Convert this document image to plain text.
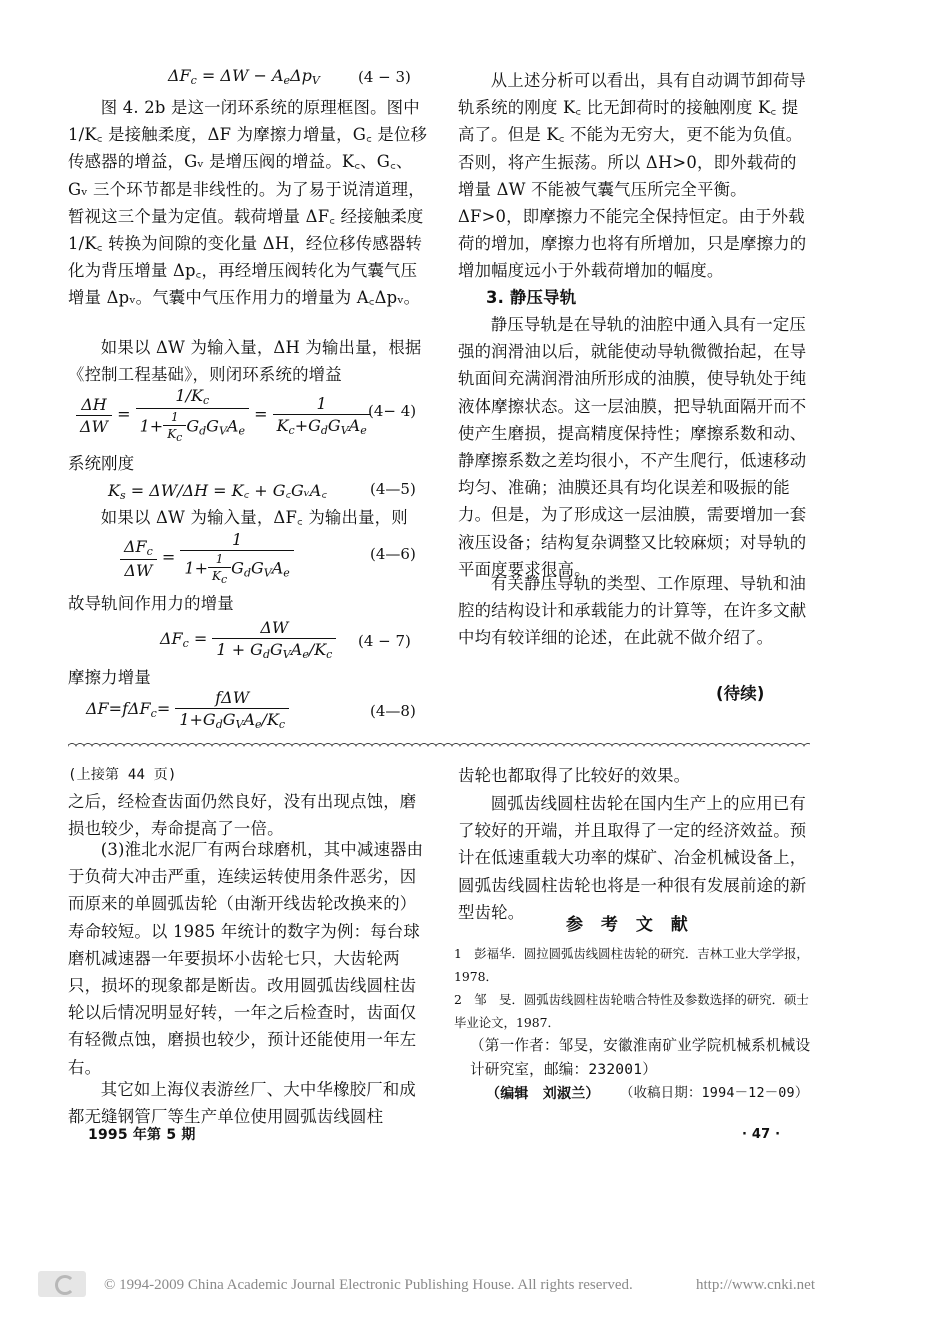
$\Delta F_c = \Delta W - A_e\Delta p_V$	(4 − 3)
图 4. 2b 是这一闭环系统的原理框图。图中 1/K꜀ 是接触柔度，ΔF 为摩擦力增量，G꜀ 是位移传感器的增益，Gᵥ 是增压阀的增益。K꜀、G꜀、Gᵥ 三个环节都是非线性的。为了易于说清道理，暂视这三个量为定值。载荷增量 ΔF꜀ 经接触柔度 1/K꜀ 转换为间隙的变化量 ΔH，经位移传感器转化为背压增量 Δp꜀，再经增压阀转化为气囊气压增量 Δpᵥ。气囊中气压作用力的增量为 A꜀Δpᵥ。
如果以 ΔW 为输入量，ΔH 为输出量，根据《控制工程基础》，则闭环系统的增益
$\frac{\Delta H}{\Delta W} = \frac{1/K_c}{1+ \frac{1}{Kc} G_dG_VA_e} = \frac{1}{K_c+G_dG_VA_e}$
(4− 4)
系统刚度
$K_s = \Delta W/\Delta H$ = K꜀ + G꜀GᵥA꜀	(4—5)
如果以 ΔW 为输入量，ΔF꜀ 为输出量，则
$\frac{\Delta F_c}{\Delta W} = \frac{1}{1+ \frac{1}{Kc} G_dG_VA_e}$	(4—6)
故导轨间作用力的增量
$\Delta F_c = \frac{\Delta W}{1 + G_dG_VA_e/K_c} (4 - 7)$
摩擦力增量
$\Delta F=f\Delta F_c= \frac{\text{fΔW}}{1+G_dG_VA_e/K_c}$	(4—8)
从上述分析可以看出，具有自动调节卸荷导轨系统的刚度 K꜀ 比无卸荷时的接触刚度 K꜀ 提高了。但是 K꜀ 不能为无穷大，更不能为负值。否则，将产生振荡。所以 ΔH>0，即外载荷的增量 ΔW 不能被气囊气压所完全平衡。ΔF>0，即摩擦力不能完全保持恒定。由于外载荷的增加，摩擦力也将有所增加，只是摩擦力的增加幅度远小于外载荷增加的幅度。
3. 静压导轨
静压导轨是在导轨的油腔中通入具有一定压强的润滑油以后，就能使动导轨微微抬起，在导轨面间充满润滑油所形成的油膜，使导轨处于纯液体摩擦状态。这一层油膜，把导轨面隔开而不使产生磨损，提高精度保持性；摩擦系数和动、静摩擦系数之差均很小，不产生爬行，低速移动均匀、准确；油膜还具有均化误差和吸振的能力。但是，为了形成这一层油膜，需要增加一套液压设备；结构复杂调整又比较麻烦；对导轨的平面度要求很高。
有关静压导轨的类型、工作原理、导轨和油腔的结构设计和承载能力的计算等，在许多文献中均有较详细的论述，在此就不做介绍了。
(待续)
(上接第 44 页)
之后，经检查齿面仍然良好，没有出现点蚀，磨损也较少，寿命提高了一倍。
(3)淮北水泥厂有两台球磨机，其中减速器由于负荷大冲击严重，连续运转使用条件恶劣，因而原来的单圆弧齿轮（由渐开线齿轮改换来的）寿命较短。以 1985 年统计的数字为例：每台球磨机减速器一年要损坏小齿轮七只，大齿轮两只，损坏的现象都是断齿。改用圆弧齿线圆柱齿轮以后情况明显好转，一年之后检查时，齿面仅有轻微点蚀，磨损也较少，预计还能使用一年左右。
其它如上海仪表游丝厂、大中华橡胶厂和成都无缝钢管厂等生产单位使用圆弧齿线圆柱
1995 年第 5 期
齿轮也都取得了比较好的效果。
圆弧齿线圆柱齿轮在国内生产上的应用已有了较好的开端，并且取得了一定的经济效益。预计在低速重载大功率的煤矿、冶金机械设备上，圆弧齿线圆柱齿轮也将是一种很有发展前途的新型齿轮。
参 考 文 献
1　彭福华．圆拉圆弧齿线圆柱齿轮的研究．吉林工业大学学报，1978．
2　邹　旻．圆弧齿线圆柱齿轮啮合特性及参数选择的研究．硕士毕业论文，1987．
（第一作者：邹旻，安徽淮南矿业学院机械系机械设计研究室，邮编：232001）
（编辑　刘淑兰） （收稿日期：1994－12－09）
· 47 ·
© 1994-2009 China Academic Journal Electronic Publishing House. All rights reserved.	http://www.cnki.net
